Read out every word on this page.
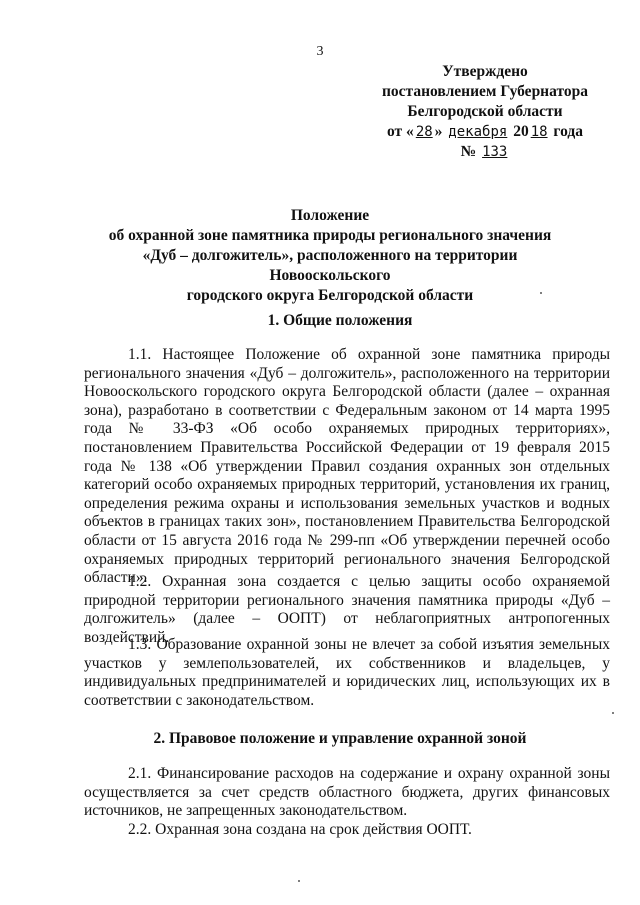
3
Утверждено
постановлением Губернатора
Белгородской области
от « 28 » декабря 20 18 года
№ 133
Положение
об охранной зоне памятника природы регионального значения
«Дуб – долгожитель», расположенного на территории Новооскольского
городского округа Белгородской области
1. Общие положения
1.1. Настоящее Положение об охранной зоне памятника природы регионального значения «Дуб – долгожитель», расположенного на территории Новооскольского городского округа Белгородской области (далее – охранная зона), разработано в соответствии с Федеральным законом от 14 марта 1995 года № 33-ФЗ «Об особо охраняемых природных территориях», постановлением Правительства Российской Федерации от 19 февраля 2015 года № 138 «Об утверждении Правил создания охранных зон отдельных категорий особо охраняемых природных территорий, установления их границ, определения режима охраны и использования земельных участков и водных объектов в границах таких зон», постановлением Правительства Белгородской области от 15 августа 2016 года № 299-пп «Об утверждении перечней особо охраняемых природных территорий регионального значения Белгородской области».
1.2. Охранная зона создается с целью защиты особо охраняемой природной территории регионального значения памятника природы «Дуб – долгожитель» (далее – ООПТ) от неблагоприятных антропогенных воздействий.
1.3. Образование охранной зоны не влечет за собой изъятия земельных участков у землепользователей, их собственников и владельцев, у индивидуальных предпринимателей и юридических лиц, использующих их в соответствии с законодательством.
2. Правовое положение и управление охранной зоной
2.1. Финансирование расходов на содержание и охрану охранной зоны осуществляется за счет средств областного бюджета, других финансовых источников, не запрещенных законодательством.
2.2. Охранная зона создана на срок действия ООПТ.
